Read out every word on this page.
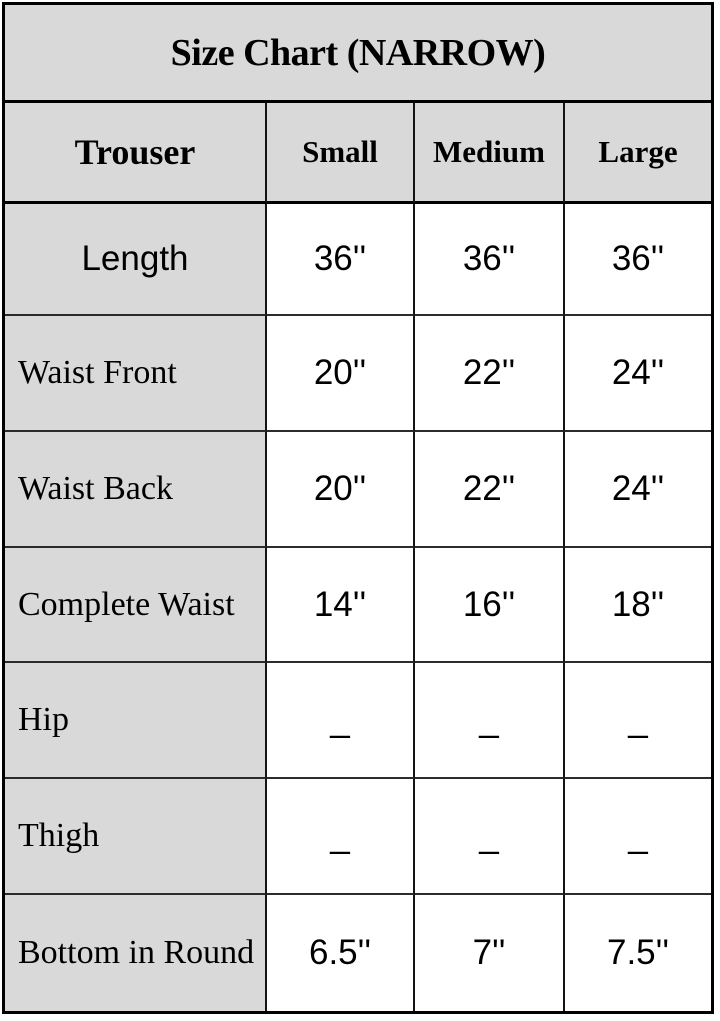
Size Chart (NARROW)
Trouser	Small	Medium	Large
Length	36''	36''	36''
Waist Front	20''	22''	24''
Waist Back	20''	22''	24''
Complete Waist	14''	16''	18''
Hip	_	_	_
Thigh	_	_	_
Bottom in Round	6.5''	7''	7.5''
